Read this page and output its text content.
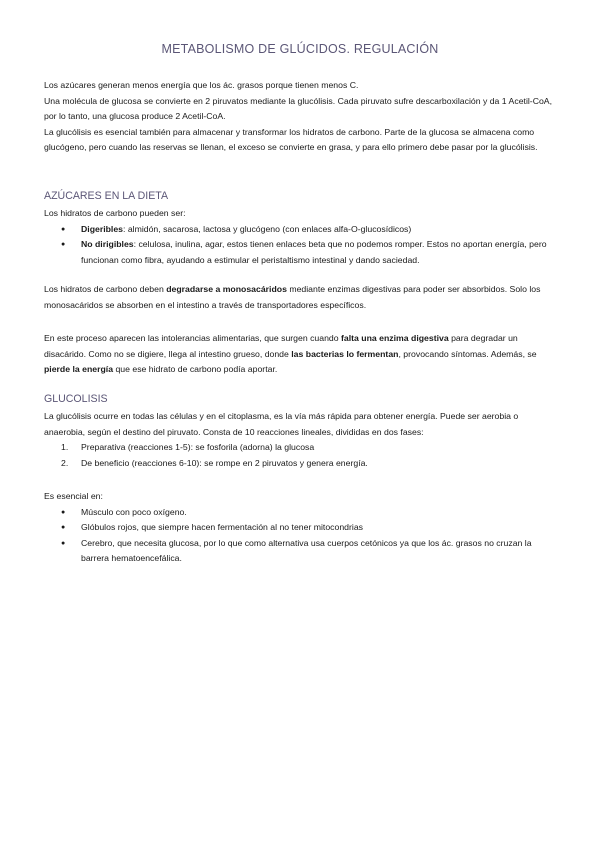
METABOLISMO DE GLÚCIDOS. REGULACIÓN

Los azúcares generan menos energía que los ác. grasos porque tienen menos C.

Una molécula de glucosa se convierte en 2 piruvatos mediante la glucólisis. Cada piruvato sufre descarboxilación y da 1 Acetil-CoA, por lo tanto, una glucosa produce 2 Acetil-CoA.

La glucólisis es esencial también para almacenar y transformar los hidratos de carbono. Parte de la glucosa se almacena como glucógeno, pero cuando las reservas se llenan, el exceso se convierte en grasa, y para ello primero debe pasar por la glucólisis.

AZÚCARES EN LA DIETA

Los hidratos de carbono pueden ser:

● Digeribles: almidón, sacarosa, lactosa y glucógeno (con enlaces alfa-O-glucosídicos)
● No dirigibles: celulosa, inulina, agar, estos tienen enlaces beta que no podemos romper. Estos no aportan energía, pero funcionan como fibra, ayudando a estimular el peristaltismo intestinal y dando saciedad.

Los hidratos de carbono deben degradarse a monosacáridos mediante enzimas digestivas para poder ser absorbidos. Solo los monosacáridos se absorben en el intestino a través de transportadores específicos.

En este proceso aparecen las intolerancias alimentarias, que surgen cuando falta una enzima digestiva para degradar un disacárido. Como no se digiere, llega al intestino grueso, donde las bacterias lo fermentan, provocando síntomas. Además, se pierde la energía que ese hidrato de carbono podía aportar.

GLUCOLISIS

La glucólisis ocurre en todas las células y en el citoplasma, es la vía más rápida para obtener energía. Puede ser aerobia o anaerobia, según el destino del piruvato. Consta de 10 reacciones lineales, divididas en dos fases:

1. Preparativa (reacciones 1-5): se fosforila (adorna) la glucosa
2. De beneficio (reacciones 6-10): se rompe en 2 piruvatos y genera energía.

Es esencial en:

● Músculo con poco oxígeno.
● Glóbulos rojos, que siempre hacen fermentación al no tener mitocondrias
● Cerebro, que necesita glucosa, por lo que como alternativa usa cuerpos cetónicos ya que los ác. grasos no cruzan la barrera hematoencefálica.
